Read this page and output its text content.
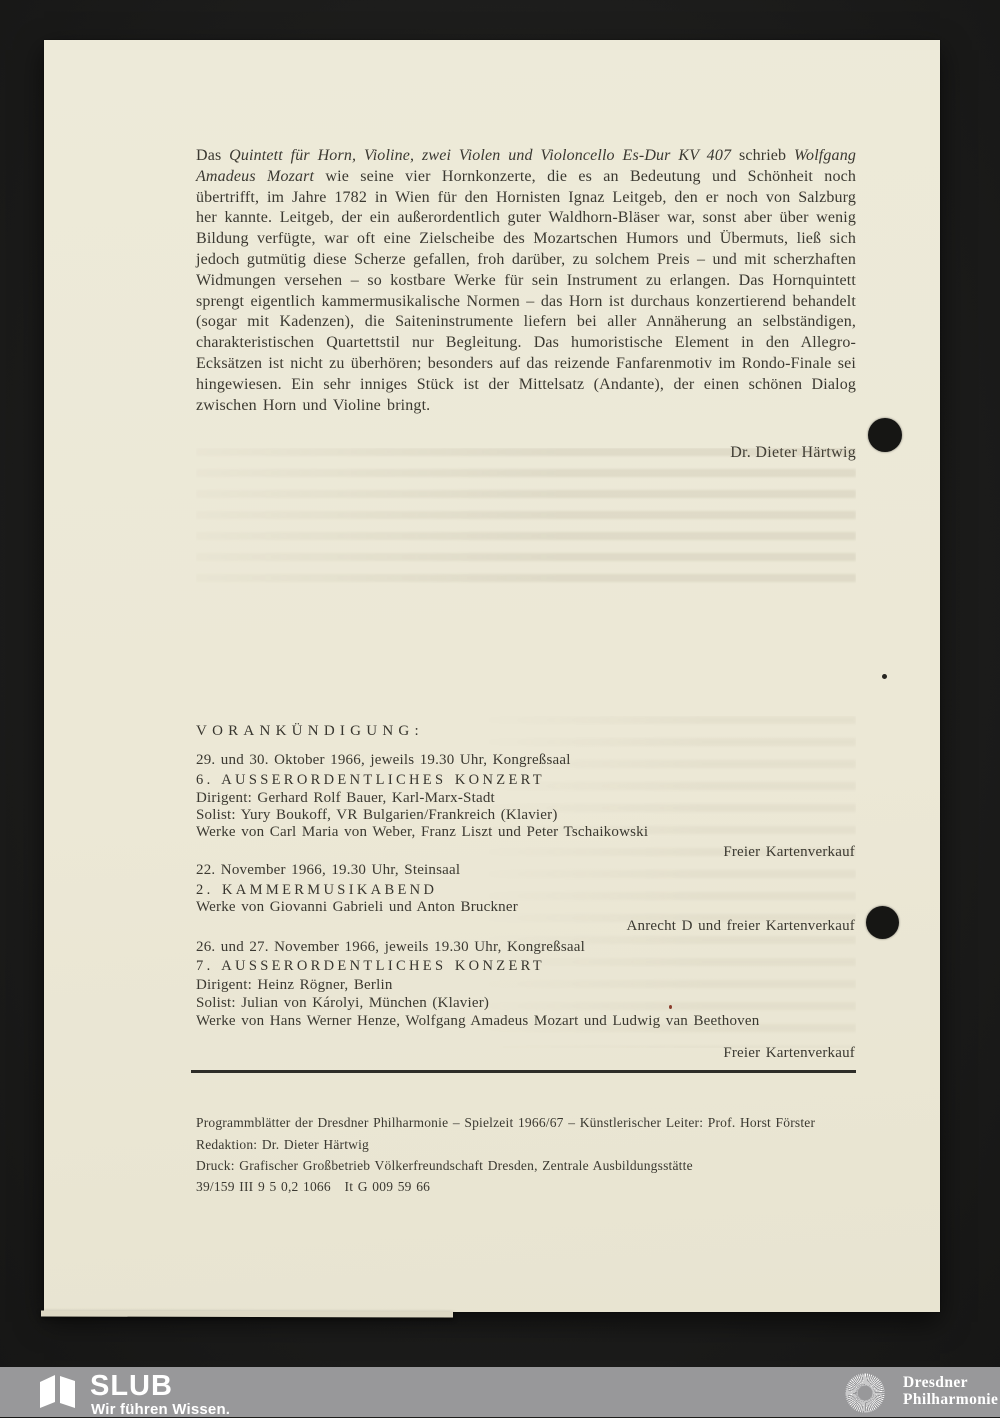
Das Quintett für Horn, Violine, zwei Violen und Violoncello Es-Dur KV 407 schrieb Wolfgang Amadeus Mozart wie seine vier Hornkonzerte, die es an Bedeutung und Schönheit noch übertrifft, im Jahre 1782 in Wien für den Hornisten Ignaz Leitgeb, den er noch von Salzburg her kannte. Leitgeb, der ein außerordentlich guter Waldhorn-Bläser war, sonst aber über wenig Bildung verfügte, war oft eine Zielscheibe des Mozartschen Humors und Übermuts, ließ sich jedoch gutmütig diese Scherze gefallen, froh darüber, zu solchem Preis – und mit scherzhaften Widmungen versehen – so kostbare Werke für sein Instrument zu erlangen. Das Hornquintett sprengt eigentlich kammermusikalische Normen – das Horn ist durchaus konzertierend behandelt (sogar mit Kadenzen), die Saiteninstrumente liefern bei aller Annäherung an selbständigen, charakteristischen Quartettstil nur Begleitung. Das humoristische Element in den Allegro-Ecksätzen ist nicht zu überhören; besonders auf das reizende Fanfarenmotiv im Rondo-Finale sei hingewiesen. Ein sehr inniges Stück ist der Mittelsatz (Andante), der einen schönen Dialog zwischen Horn und Violine bringt.

Dr. Dieter Härtwig
VORANKÜNDIGUNG:
29. und 30. Oktober 1966, jeweils 19.30 Uhr, Kongreßsaal
6. AUSSERORDENTLICHES KONZERT
Dirigent: Gerhard Rolf Bauer, Karl-Marx-Stadt
Solist: Yury Boukoff, VR Bulgarien/Frankreich (Klavier)
Werke von Carl Maria von Weber, Franz Liszt und Peter Tschaikowski
Freier Kartenverkauf
22. November 1966, 19.30 Uhr, Steinsaal
2. KAMMERMUSIKABEND
Werke von Giovanni Gabrieli und Anton Bruckner
Anrecht D und freier Kartenverkauf
26. und 27. November 1966, jeweils 19.30 Uhr, Kongreßsaal
7. AUSSERORDENTLICHES KONZERT
Dirigent: Heinz Rögner, Berlin
Solist: Julian von Károlyi, München (Klavier)
Werke von Hans Werner Henze, Wolfgang Amadeus Mozart und Ludwig van Beethoven
Freier Kartenverkauf
Programmblätter der Dresdner Philharmonie – Spielzeit 1966/67 – Künstlerischer Leiter: Prof. Horst Förster
Redaktion: Dr. Dieter Härtwig
Druck: Grafischer Großbetrieb Völkerfreundschaft Dresden, Zentrale Ausbildungsstätte
39/159 III 9 5 0,2 1066   It G 009 59 66
SLUB
Wir führen Wissen.
Dresdner
Philharmonie
